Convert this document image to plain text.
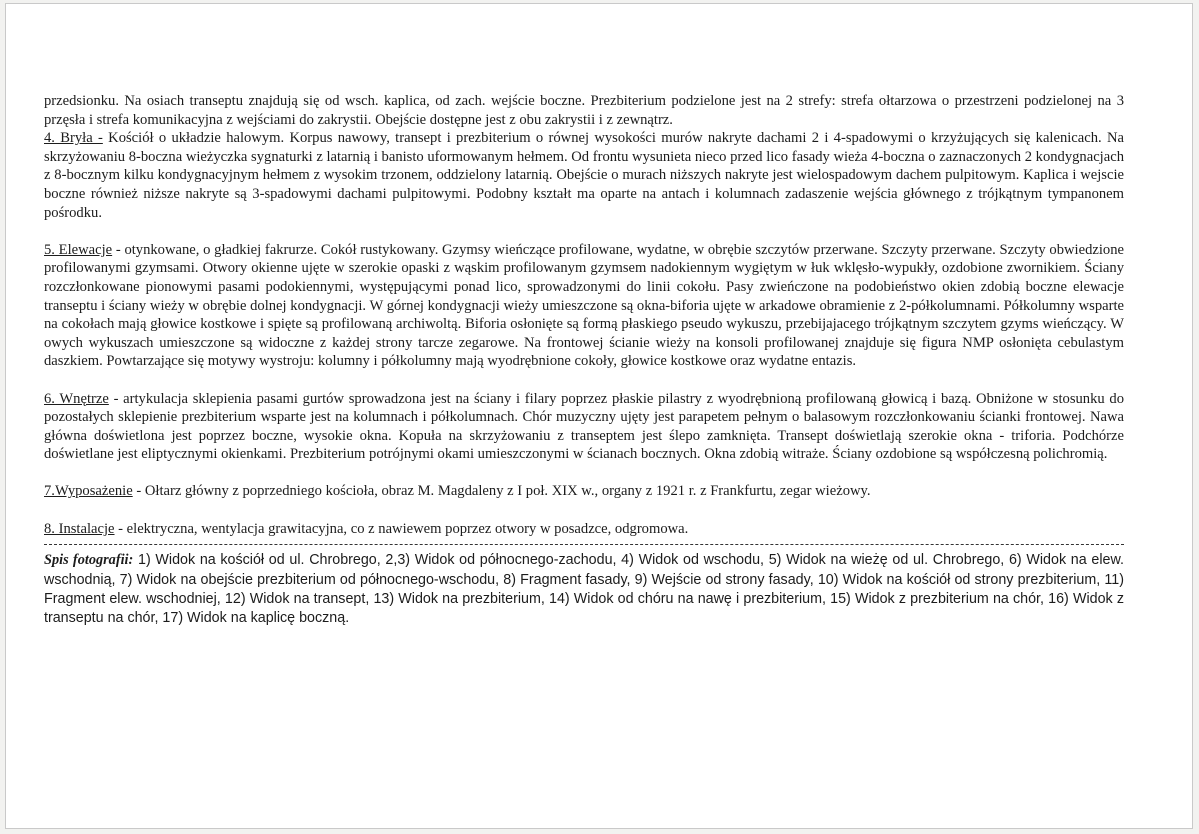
przedsionku. Na osiach transeptu znajdują się od wsch. kaplica, od zach. wejście boczne. Prezbiterium podzielone jest na 2 strefy: strefa ołtarzowa o przestrzeni podzielonej na 3 przęsła i strefa komunikacyjna z wejściami do zakrystii. Obejście dostępne jest z obu zakrystii i z zewnątrz.

4. Bryła - Kościół o układzie halowym. Korpus nawowy, transept i prezbiterium o równej wysokości murów nakryte dachami 2 i 4-spadowymi o krzyżujących się kalenicach. Na skrzyżowaniu 8-boczna wieżyczka sygnaturki z latarnią i banisto uformowanym hełmem. Od frontu wysunieta nieco przed lico fasady wieża 4-boczna o zaznaczonych 2 kondygnacjach z 8-bocznym kilku kondygnacyjnym hełmem z wysokim trzonem, oddzielony latarnią. Obejście o murach niższych nakryte jest wielospadowym dachem pulpitowym. Kaplica i wejscie boczne również niższe nakryte są 3-spadowymi dachami pulpitowymi. Podobny kształt ma oparte na antach i kolumnach zadaszenie wejścia głównego z trójkątnym tympanonem pośrodku.

5. Elewacje - otynkowane, o gładkiej fakrurze. Cokół rustykowany. Gzymsy wieńczące profilowane, wydatne, w obrębie szczytów przerwane. Szczyty przerwane. Szczyty obwiedzione profilowanymi gzymsami. Otwory okienne ujęte w szerokie opaski z wąskim profilowanym gzymsem nadokiennym wygiętym w łuk wklęsło-wypukły, ozdobione zwornikiem. Ściany rozczłonkowane pionowymi pasami podokiennymi, występującymi ponad lico, sprowadzonymi do linii cokołu. Pasy zwieńczone na podobieństwo okien zdobią boczne elewacje transeptu i ściany wieży w obrębie dolnej kondygnacji. W górnej kondygnacji wieży umieszczone są okna-biforia ujęte w arkadowe obramienie z 2-półkolumnami. Półkolumny wsparte na cokołach mają głowice kostkowe i spięte są profilowaną archiwoltą. Biforia osłonięte są formą płaskiego pseudo wykuszu, przebijajacego trójkątnym szczytem gzyms wieńczący. W owych wykuszach umieszczone są widoczne z każdej strony tarcze zegarowe. Na frontowej ścianie wieży na konsoli profilowanej znajduje się figura NMP osłonięta cebulastym daszkiem. Powtarzające się motywy wystroju: kolumny i półkolumny mają wyodrębnione cokoły, głowice kostkowe oraz wydatne entazis.

6. Wnętrze - artykulacja sklepienia pasami gurtów sprowadzona jest na ściany i filary poprzez płaskie pilastry z wyodrębnioną profilowaną głowicą i bazą. Obniżone w stosunku do pozostałych sklepienie prezbiterium wsparte jest na kolumnach i półkolumnach. Chór muzyczny ujęty jest parapetem pełnym o balasowym rozczłonkowaniu ścianki frontowej. Nawa główna doświetlona jest poprzez boczne, wysokie okna. Kopuła na skrzyżowaniu z transeptem jest ślepo zamknięta. Transept doświetlają szerokie okna - triforia. Podchórze doświetlane jest eliptycznymi okienkami. Prezbiterium potrójnymi okami umieszczonymi w ścianach bocznych. Okna zdobią witraże. Ściany ozdobione są współczesną polichromią.

7.Wyposażenie - Ołtarz główny z poprzedniego kościoła, obraz M. Magdaleny z I poł. XIX w., organy z 1921 r. z Frankfurtu, zegar wieżowy.

8. Instalacje - elektryczna, wentylacja grawitacyjna, co z nawiewem poprzez otwory w posadzce, odgromowa.

Spis fotografii: 1) Widok na kościół od ul. Chrobrego, 2,3) Widok od północnego-zachodu, 4) Widok od wschodu, 5) Widok na wieżę od ul. Chrobrego, 6) Widok na elew. wschodnią, 7) Widok na obejście prezbiterium od północnego-wschodu, 8) Fragment fasady, 9) Wejście od strony fasady, 10) Widok na kościół od strony prezbiterium, 11) Fragment elew. wschodniej, 12) Widok na transept, 13) Widok na prezbiterium, 14) Widok od chóru na nawę i prezbiterium, 15) Widok z prezbiterium na chór, 16) Widok z transeptu na chór, 17) Widok na kaplicę boczną.
